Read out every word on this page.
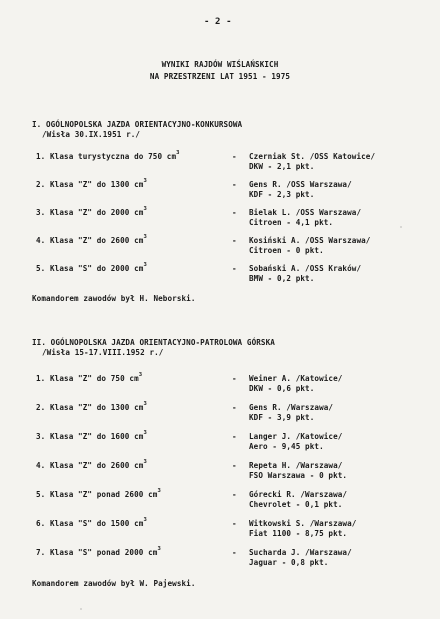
- 2 -
WYNIKI RAJDÓW WIŚLAŃSKICH
NA PRZESTRZENI LAT 1951 - 1975
I. OGÓLNOPOLSKA JAZDA ORIENTACYJNO-KONKURSOWA
/Wisła 30.IX.1951 r./
1. Klasa turystyczna do 750 $cm^3$	- Czerniak St. /OSS Katowice/
DKW - 2,1 pkt.
2. Klasa "Z" do 1300 $cm^3$	- Gens R. /OSS Warszawa/
KDF - 2,3 pkt.
3. Klasa "Z" do 2000 $cm^3$	- Bielak L. /OSS Warszawa/
Citroen - 4,1 pkt.
4. Klasa "Z" do 2600 $cm^3$	- Kosiński A. /OSS Warszawa/
Citroen - 0 pkt.
5. Klasa "S" do 2000 $cm^3$	- Sobański A. /OSS Kraków/
BMW - 0,2 pkt.
Komandorem zawodów był H. Neborski.
II. OGÓLNOPOLSKA JAZDA ORIENTACYJNO-PATROLOWA GÓRSKA
/Wisła 15-17.VIII.1952 r./
1. Klasa "Z" do 750 $cm^3$	- Weiner A. /Katowice/
DKW - 0,6 pkt.
2. Klasa "Z" do 1300 $cm^3$	- Gens R. /Warszawa/
KDF - 3,9 pkt.
3. Klasa "Z" do 1600 $cm^3$	- Langer J. /Katowice/
Aero - 9,45 pkt.
4. Klasa "Z" do 2600 $cm^3$	- Repeta H. /Warszawa/
FSO Warszawa - 0 pkt.
5. Klasa "Z" ponad 2600 $cm^3$	- Górecki R. /Warszawa/
Chevrolet - 0,1 pkt.
6. Klasa "S" do 1500 $cm^3$	- Witkowski S. /Warszawa/
Fiat 1100 - 8,75 pkt.
7. Klasa "S" ponad 2000 $cm^3$	- Sucharda J. /Warszawa/
Jaguar - 0,8 pkt.
Komandorem zawodów był W. Pajewski.
